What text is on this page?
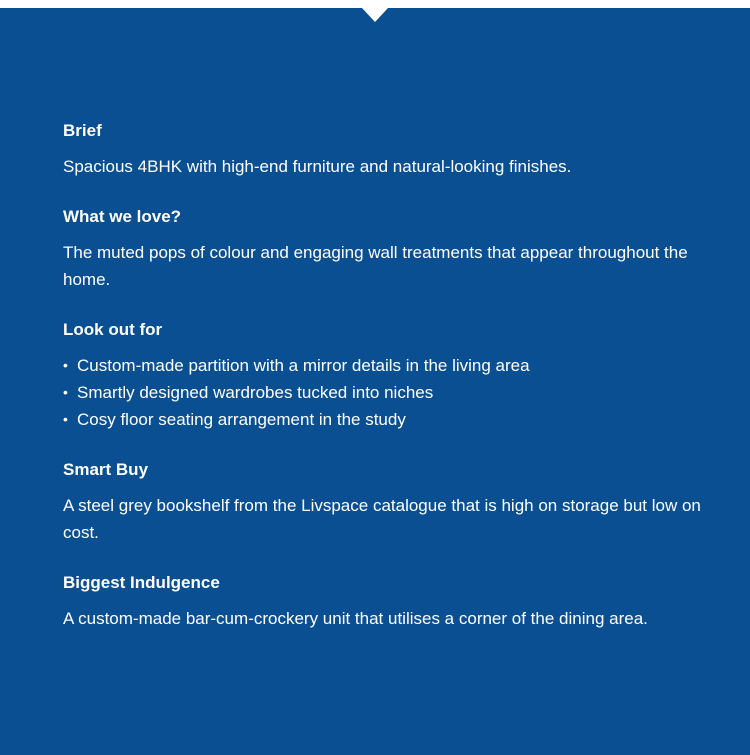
Brief

Spacious 4BHK with high-end furniture and natural-looking finishes.

What we love?

The muted pops of colour and engaging wall treatments that appear throughout the home.

Look out for
• Custom-made partition with a mirror details in the living area
• Smartly designed wardrobes tucked into niches
• Cosy floor seating arrangement in the study
Smart Buy

A steel grey bookshelf from the Livspace catalogue that is high on storage but low on cost.

Biggest Indulgence

A custom-made bar-cum-crockery unit that utilises a corner of the dining area.
